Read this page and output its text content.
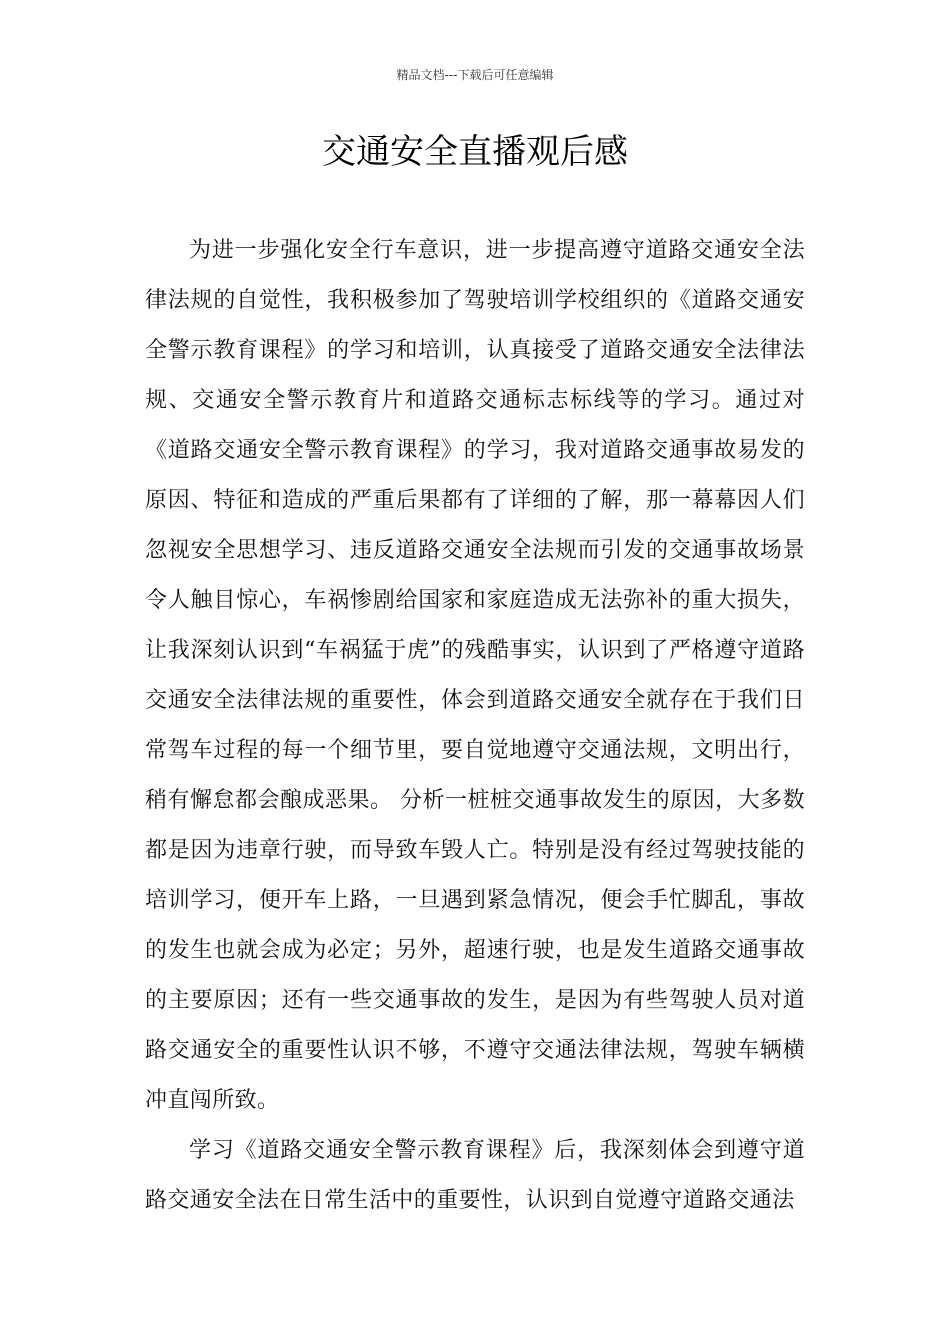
精品文档---下载后可任意编辑
交通安全直播观后感

为进一步强化安全行车意识，进一步提高遵守道路交通安全法律法规的自觉性，我积极参加了驾驶培训学校组织的《道路交通安全警示教育课程》的学习和培训，认真接受了道路交通安全法律法规、交通安全警示教育片和道路交通标志标线等的学习。通过对《道路交通安全警示教育课程》的学习，我对道路交通事故易发的原因、特征和造成的严重后果都有了详细的了解，那一幕幕因人们忽视安全思想学习、违反道路交通安全法规而引发的交通事故场景令人触目惊心，车祸惨剧给国家和家庭造成无法弥补的重大损失，让我深刻认识到“车祸猛于虎”的残酷事实，认识到了严格遵守道路交通安全法律法规的重要性，体会到道路交通安全就存在于我们日常驾车过程的每一个细节里，要自觉地遵守交通法规，文明出行，稍有懈怠都会酿成恶果。 分析一桩桩交通事故发生的原因，大多数都是因为违章行驶，而导致车毁人亡。特别是没有经过驾驶技能的培训学习，便开车上路，一旦遇到紧急情况，便会手忙脚乱，事故的发生也就会成为必定；另外，超速行驶，也是发生道路交通事故的主要原因；还有一些交通事故的发生，是因为有些驾驶人员对道路交通安全的重要性认识不够，不遵守交通法律法规，驾驶车辆横冲直闯所致。

学习《道路交通安全警示教育课程》后，我深刻体会到遵守道路交通安全法在日常生活中的重要性，认识到自觉遵守道路交通法
